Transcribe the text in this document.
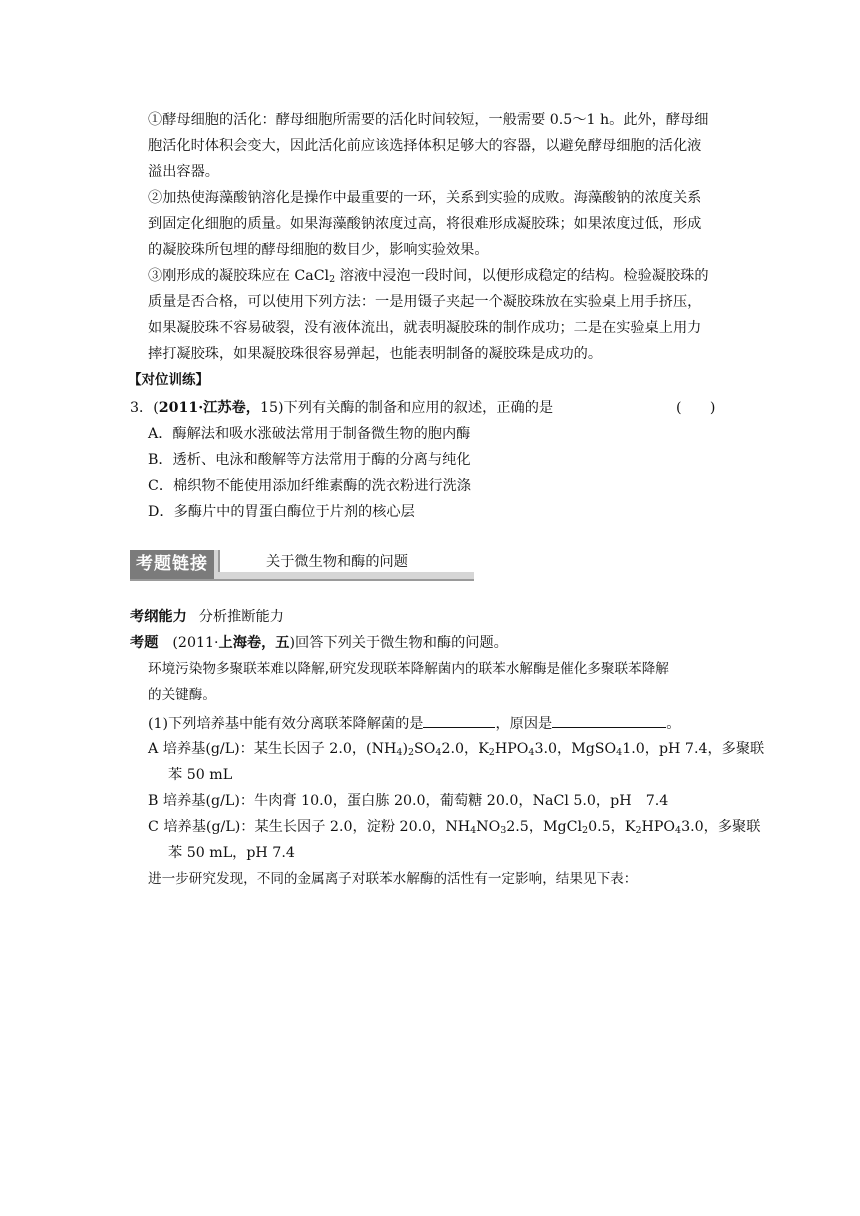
①酵母细胞的活化：酵母细胞所需要的活化时间较短，一般需要 0.5～1 h。此外，酵母细
胞活化时体积会变大，因此活化前应该选择体积足够大的容器，以避免酵母细胞的活化液
溢出容器。
②加热使海藻酸钠溶化是操作中最重要的一环，关系到实验的成败。海藻酸钠的浓度关系
到固定化细胞的质量。如果海藻酸钠浓度过高，将很难形成凝胶珠；如果浓度过低，形成
的凝胶珠所包埋的酵母细胞的数目少，影响实验效果。
③刚形成的凝胶珠应在 CaCl$_2$ 溶液中浸泡一段时间，以便形成稳定的结构。检验凝胶珠的
质量是否合格，可以使用下列方法：一是用镊子夹起一个凝胶珠放在实验桌上用手挤压，
如果凝胶珠不容易破裂，没有液体流出，就表明凝胶珠的制作成功；二是在实验桌上用力
摔打凝胶珠，如果凝胶珠很容易弹起，也能表明制备的凝胶珠是成功的。
【对位训练】
3．(2011·江苏卷，15)下列有关酶的制备和应用的叙述，正确的是	(　　)
A．酶解法和吸水涨破法常用于制备微生物的胞内酶
B．透析、电泳和酸解等方法常用于酶的分离与纯化
C．棉织物不能使用添加纤维素酶的洗衣粉进行洗涤
D．多酶片中的胃蛋白酶位于片剂的核心层
考题链接	关于微生物和酶的问题
考纲能力 分析推断能力
考题 (2011·上海卷，五)回答下列关于微生物和酶的问题。
环境污染物多聚联苯难以降解,研究发现联苯降解菌内的联苯水解酶是催化多聚联苯降解
的关键酶。
(1)下列培养基中能有效分离联苯降解菌的是	，原因是	。
A 培养基(g/L)：某生长因子 2.0，$(NH_4)_2SO_42.0$，$K_2HPO_43.0$，MgSO$_4$1.0，pH 7.4，多聚联
苯 50 mL
B 培养基(g/L)：牛肉膏 10.0，蛋白胨 20.0，葡萄糖 20.0，NaCl 5.0，pH　7.4
C 培养基(g/L)：某生长因子 2.0，淀粉 20.0，$NH_4NO_32.5$，MgCl$_2$0.5，$K_2HPO_43.0$，多聚联
苯 50 mL，pH 7.4
进一步研究发现，不同的金属离子对联苯水解酶的活性有一定影响，结果见下表：
